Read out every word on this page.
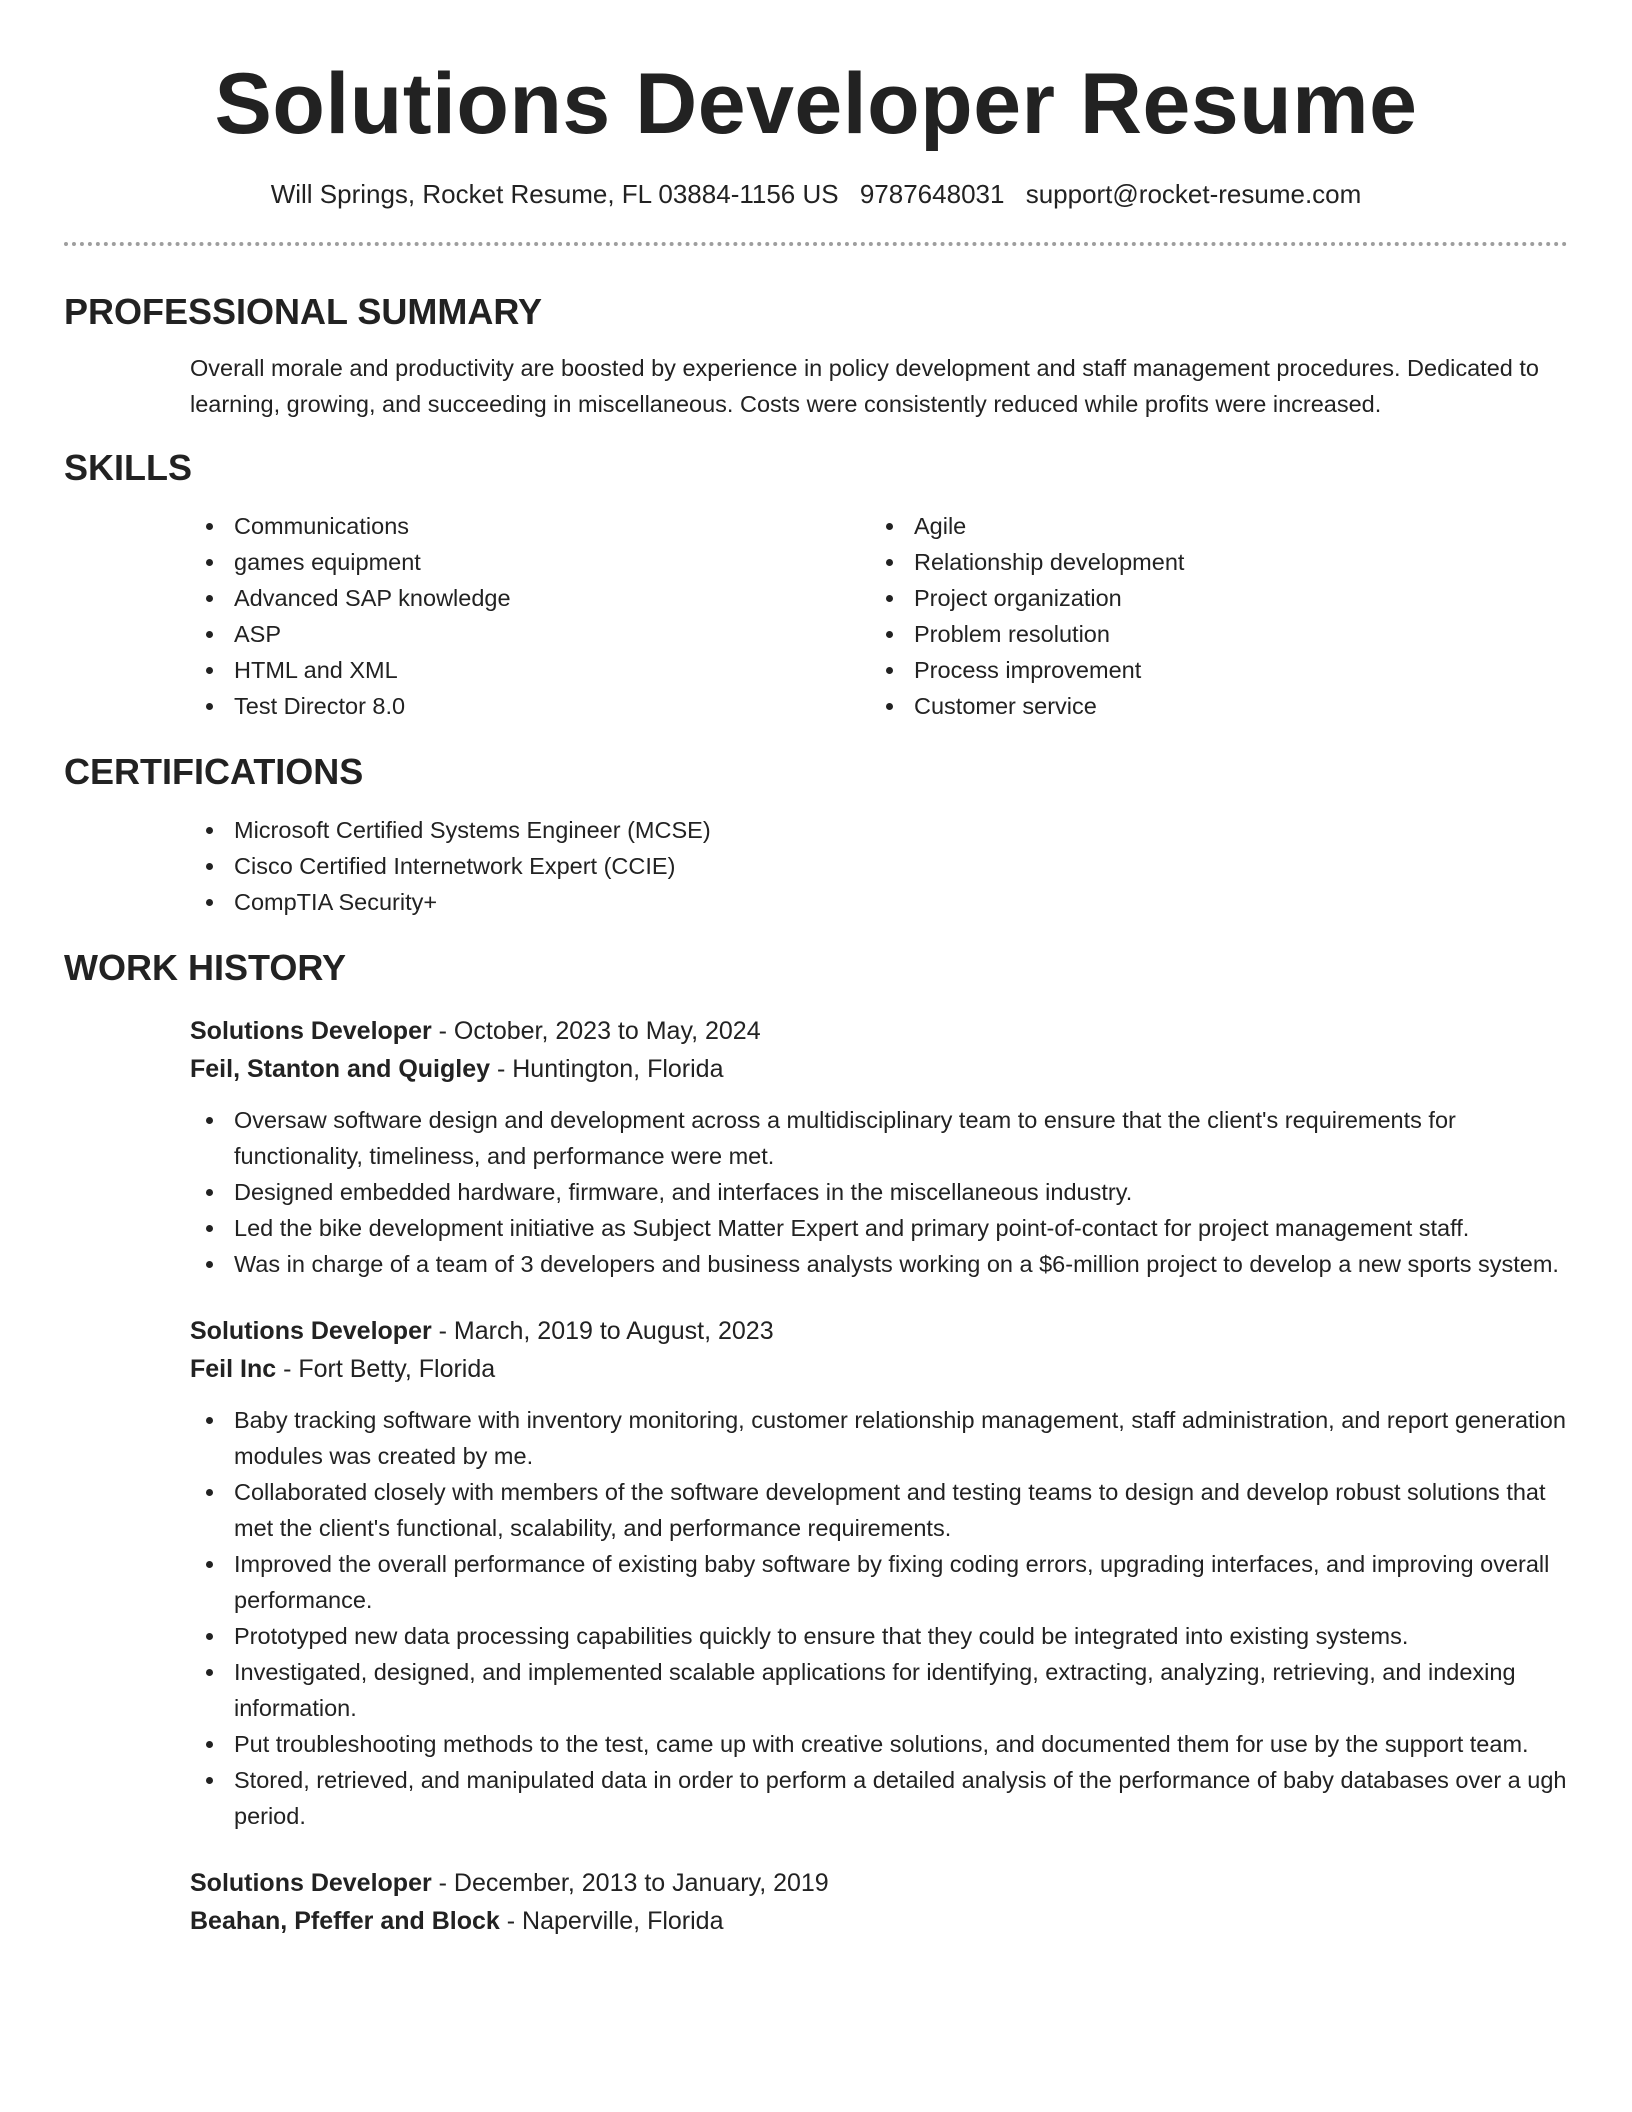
Solutions Developer Resume
Will Springs, Rocket Resume, FL 03884-1156 US 9787648031 support@rocket-resume.com
PROFESSIONAL SUMMARY

Overall morale and productivity are boosted by experience in policy development and staff management procedures. Dedicated to learning, growing, and succeeding in miscellaneous. Costs were consistently reduced while profits were increased.

SKILLS
Communications
games equipment
Advanced SAP knowledge
ASP
HTML and XML
Test Director 8.0
Agile
Relationship development
Project organization
Problem resolution
Process improvement
Customer service
CERTIFICATIONS
Microsoft Certified Systems Engineer (MCSE)
Cisco Certified Internetwork Expert (CCIE)
CompTIA Security+
WORK HISTORY
Solutions Developer - October, 2023 to May, 2024
Feil, Stanton and Quigley - Huntington, Florida
Oversaw software design and development across a multidisciplinary team to ensure that the client's requirements for functionality, timeliness, and performance were met.
Designed embedded hardware, firmware, and interfaces in the miscellaneous industry.
Led the bike development initiative as Subject Matter Expert and primary point-of-contact for project management staff.
Was in charge of a team of 3 developers and business analysts working on a $6-million project to develop a new sports system.
Solutions Developer - March, 2019 to August, 2023
Feil Inc - Fort Betty, Florida
Baby tracking software with inventory monitoring, customer relationship management, staff administration, and report generation modules was created by me.
Collaborated closely with members of the software development and testing teams to design and develop robust solutions that met the client's functional, scalability, and performance requirements.
Improved the overall performance of existing baby software by fixing coding errors, upgrading interfaces, and improving overall performance.
Prototyped new data processing capabilities quickly to ensure that they could be integrated into existing systems.
Investigated, designed, and implemented scalable applications for identifying, extracting, analyzing, retrieving, and indexing information.
Put troubleshooting methods to the test, came up with creative solutions, and documented them for use by the support team.
Stored, retrieved, and manipulated data in order to perform a detailed analysis of the performance of baby databases over a ugh period.
Solutions Developer - December, 2013 to January, 2019
Beahan, Pfeffer and Block - Naperville, Florida
